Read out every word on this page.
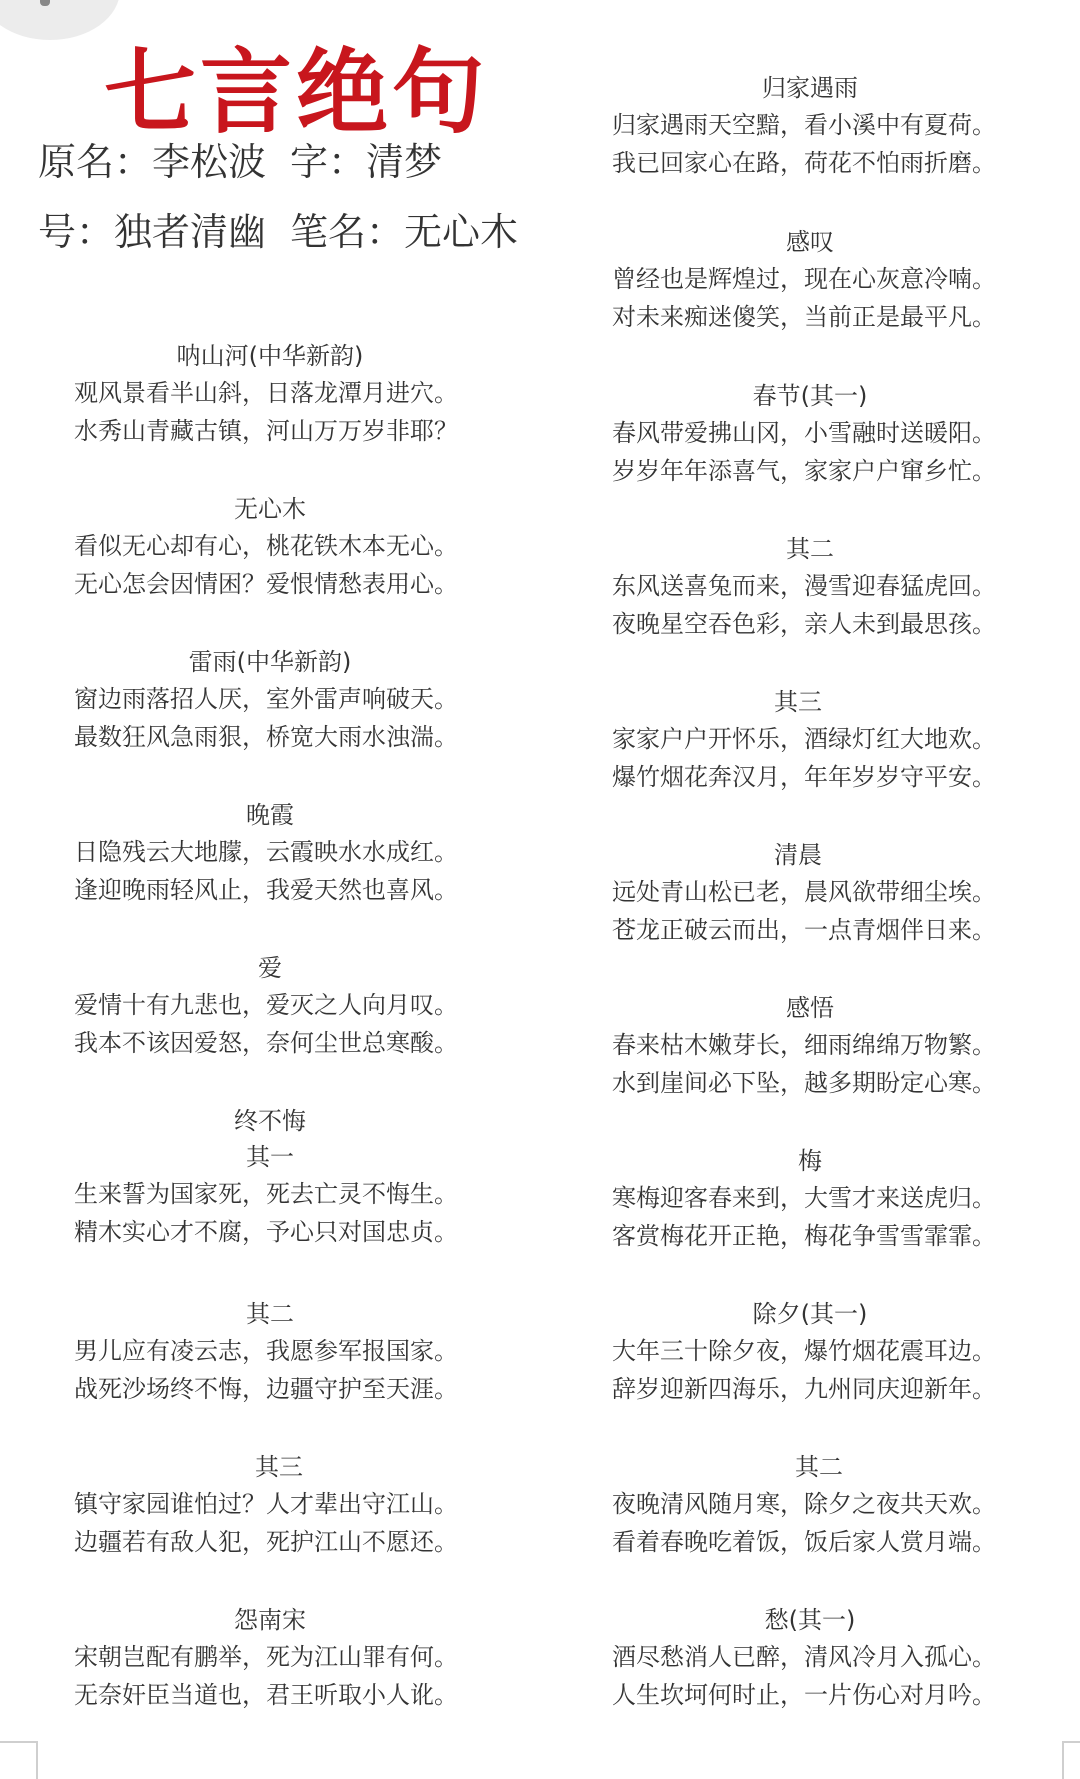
七言绝句
原名：李松波 字：清梦
号：独者清幽 笔名：无心木
呐山河(中华新韵)
观风景看半山斜，日落龙潭月进穴。
水秀山青藏古镇，河山万万岁非耶？
无心木
看似无心却有心，桃花铁木本无心。
无心怎会因情困？爱恨情愁表用心。
雷雨(中华新韵)
窗边雨落招人厌，室外雷声响破天。
最数狂风急雨狠，桥宽大雨水浊湍。
晚霞
日隐残云大地朦，云霞映水水成红。
逢迎晚雨轻风止，我爱天然也喜风。
爱
爱情十有九悲也，爱灭之人向月叹。
我本不该因爱怒，奈何尘世总寒酸。
终不悔
其一
生来誓为国家死，死去亡灵不悔生。
精木实心才不腐，予心只对国忠贞。
其二
男儿应有凌云志，我愿参军报国家。
战死沙场终不悔，边疆守护至天涯。
其三
镇守家园谁怕过？人才辈出守江山。
边疆若有敌人犯，死护江山不愿还。
怨南宋
宋朝岂配有鹏举，死为江山罪有何。
无奈奸臣当道也，君王听取小人讹。
归家遇雨
归家遇雨天空黯，看小溪中有夏荷。
我已回家心在路，荷花不怕雨折磨。
感叹
曾经也是辉煌过，现在心灰意冷喃。
对未来痴迷傻笑，当前正是最平凡。
春节(其一)
春风带爱拂山冈，小雪融时送暖阳。
岁岁年年添喜气，家家户户窜乡忙。
其二
东风送喜兔而来，漫雪迎春猛虎回。
夜晚星空吞色彩，亲人未到最思孩。
其三
家家户户开怀乐，酒绿灯红大地欢。
爆竹烟花奔汉月，年年岁岁守平安。
清晨
远处青山松已老，晨风欲带细尘埃。
苍龙正破云而出，一点青烟伴日来。
感悟
春来枯木嫩芽长，细雨绵绵万物繁。
水到崖间必下坠，越多期盼定心寒。
梅
寒梅迎客春来到，大雪才来送虎归。
客赏梅花开正艳，梅花争雪雪霏霏。
除夕(其一)
大年三十除夕夜，爆竹烟花震耳边。
辞岁迎新四海乐，九州同庆迎新年。
其二
夜晚清风随月寒，除夕之夜共天欢。
看着春晚吃着饭，饭后家人赏月端。
愁(其一)
酒尽愁消人已醉，清风冷月入孤心。
人生坎坷何时止，一片伤心对月吟。
